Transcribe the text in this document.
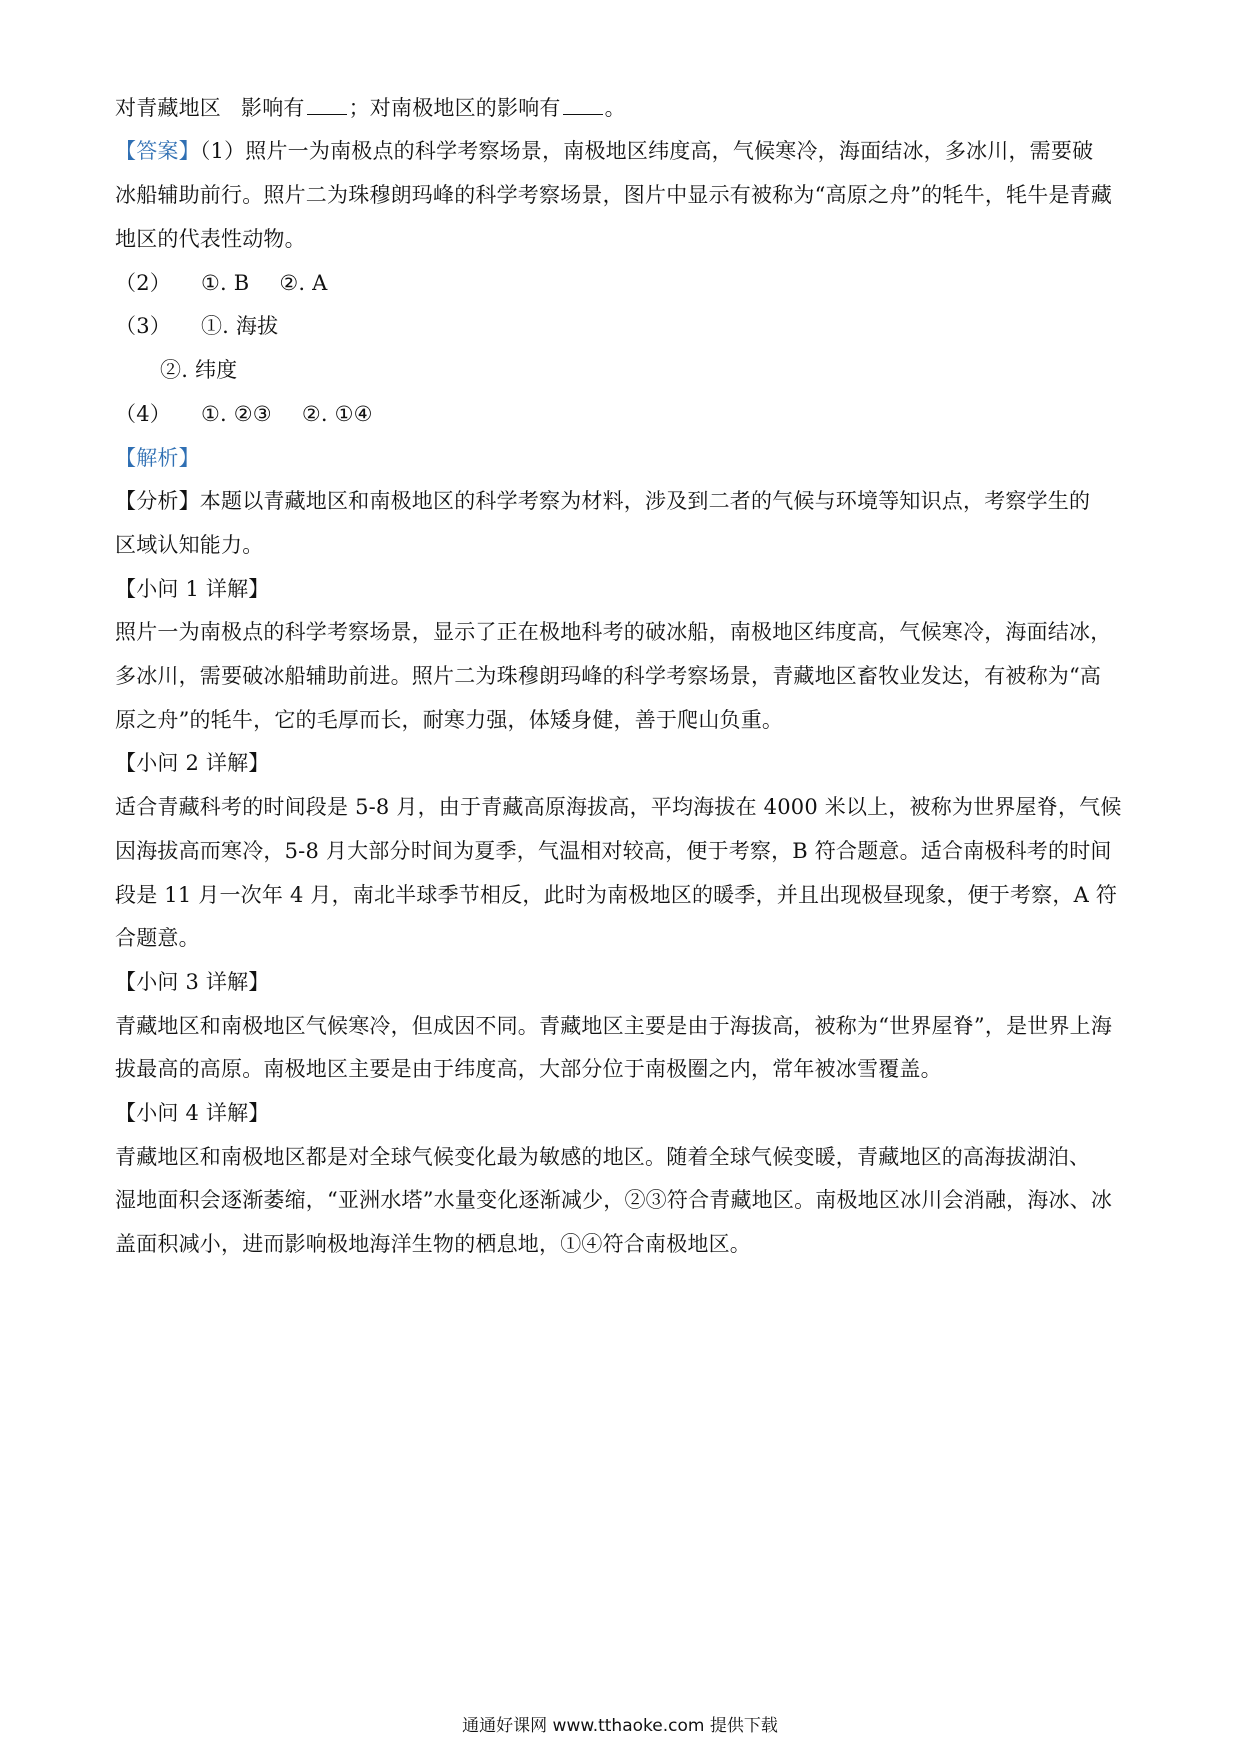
对青藏地区 影响有 ；对南极地区的影响有 。
【答案】（1）照片一为南极点的科学考察场景，南极地区纬度高，气候寒冷，海面结冰，多冰川，需要破
冰船辅助前行。照片二为珠穆朗玛峰的科学考察场景，图片中显示有被称为“高原之舟”的牦牛，牦牛是青藏
地区的代表性动物。
（2） ①. B ②. A
（3） ①. 海拔
②. 纬度
（4） ①. ②③ ②. ①④
【解析】
【分析】本题以青藏地区和南极地区的科学考察为材料，涉及到二者的气候与环境等知识点，考察学生的
区域认知能力。
【小问 1 详解】
照片一为南极点的科学考察场景，显示了正在极地科考的破冰船，南极地区纬度高，气候寒冷，海面结冰，
多冰川，需要破冰船辅助前进。照片二为珠穆朗玛峰的科学考察场景，青藏地区畜牧业发达，有被称为“高
原之舟”的牦牛，它的毛厚而长，耐寒力强，体矮身健，善于爬山负重。
【小问 2 详解】
适合青藏科考的时间段是 5-8 月，由于青藏高原海拔高，平均海拔在 4000 米以上，被称为世界屋脊，气候
因海拔高而寒冷，5-8 月大部分时间为夏季，气温相对较高，便于考察，B 符合题意。适合南极科考的时间
段是 11 月一次年 4 月，南北半球季节相反，此时为南极地区的暖季，并且出现极昼现象，便于考察，A 符
合题意。
【小问 3 详解】
青藏地区和南极地区气候寒冷，但成因不同。青藏地区主要是由于海拔高，被称为“世界屋脊”，是世界上海
拔最高的高原。南极地区主要是由于纬度高，大部分位于南极圈之内，常年被冰雪覆盖。
【小问 4 详解】
青藏地区和南极地区都是对全球气候变化最为敏感的地区。随着全球气候变暖，青藏地区的高海拔湖泊、
湿地面积会逐渐萎缩，“亚洲水塔”水量变化逐渐减少，②③符合青藏地区。南极地区冰川会消融，海冰、冰
盖面积减小，进而影响极地海洋生物的栖息地，①④符合南极地区。
通通好课网 www.tthaoke.com 提供下载
